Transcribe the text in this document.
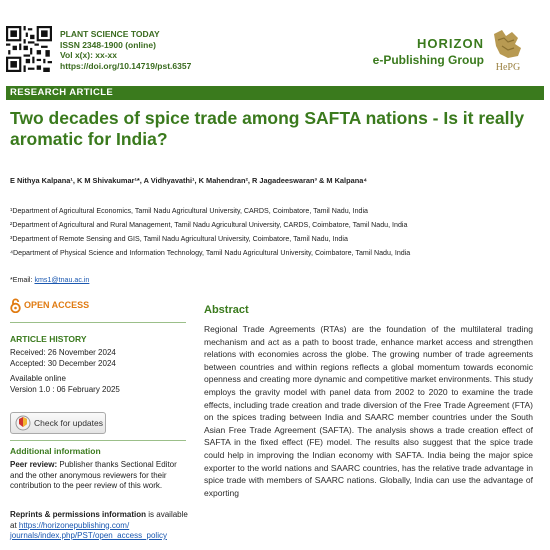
PLANT SCIENCE TODAY
ISSN 2348-1900 (online)
Vol x(x): xx-xx
https://doi.org/10.14719/pst.6357
HORIZON
e-Publishing Group
HePG
RESEARCH ARTICLE
Two decades of spice trade among SAFTA nations - Is it really aromatic for India?
E Nithya Kalpana¹, K M Shivakumar¹*, A Vidhyavathi¹, K Mahendran², R Jagadeeswaran³ & M Kalpana⁴
¹Department of Agricultural Economics, Tamil Nadu Agricultural University, CARDS, Coimbatore, Tamil Nadu, India
²Department of Agricultural and Rural Management, Tamil Nadu Agricultural University, CARDS, Coimbatore, Tamil Nadu, India
³Department of Remote Sensing and GIS, Tamil Nadu Agricultural University, Coimbatore, Tamil Nadu, India
⁴Department of Physical Science and Information Technology, Tamil Nadu Agricultural University, Coimbatore, Tamil Nadu, India
*Email: kms1@tnau.ac.in
OPEN ACCESS
ARTICLE HISTORY
Received: 26 November 2024
Accepted: 30 December 2024
Available online
Version 1.0 : 06 February 2025
Check for updates
Additional information
Peer review: Publisher thanks Sectional Editor and the other anonymous reviewers for their contribution to the peer review of this work.
Reprints & permissions information is available at https://horizonepublishing.com/
journals/index.php/PST/open_access_policy
Abstract
Regional Trade Agreements (RTAs) are the foundation of the multilateral trading mechanism and act as a path to boost trade, enhance market access and strengthen relations with economies across the globe. The growing number of trade agreements between countries and within regions reflects a global momentum towards economic openness and creating more dynamic and competitive market environments. This study employs the gravity model with panel data from 2002 to 2020 to examine the trade effects, including trade creation and trade diversion of the Free Trade Agreement (FTA) on the spices trading between India and SAARC member countries under the South Asian Free Trade Agreement (SAFTA). The analysis shows a trade creation effect of SAFTA in the fixed effect (FE) model. The results also suggest that the spice trade could help in improving the Indian economy with SAFTA. India being the major spice exporter to the world nations and SAARC countries, has the relative trade advantage in spice trade with members of SAARC nations. Globally, India can use the advantage of exporting
